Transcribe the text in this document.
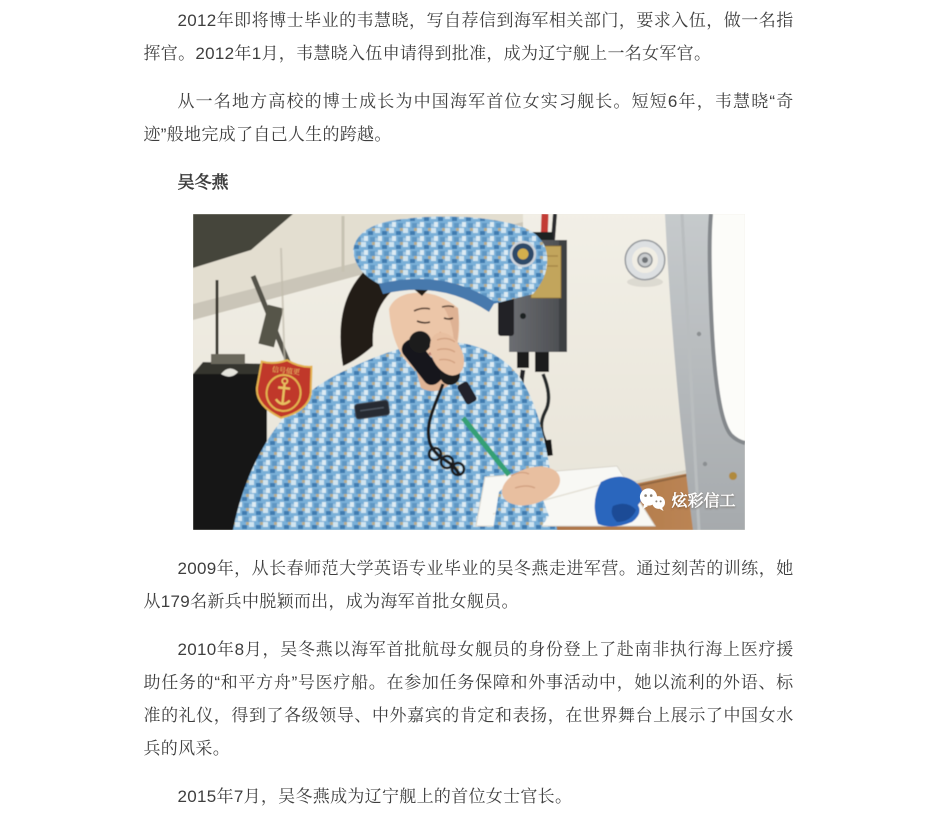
2012年即将博士毕业的韦慧晓，写自荐信到海军相关部门，要求入伍，做一名指挥官。2012年1月，韦慧晓入伍申请得到批准，成为辽宁舰上一名女军官。

从一名地方高校的博士成长为中国海军首位女实习舰长。短短6年，韦慧晓“奇迹”般地完成了自己人生的跨越。

吴冬燕
信号值更
炫彩信工

2009年，从长春师范大学英语专业毕业的吴冬燕走进军营。通过刻苦的训练，她从179名新兵中脱颖而出，成为海军首批女舰员。

2010年8月，吴冬燕以海军首批航母女舰员的身份登上了赴南非执行海上医疗援助任务的“和平方舟”号医疗船。在参加任务保障和外事活动中，她以流利的外语、标准的礼仪，得到了各级领导、中外嘉宾的肯定和表扬，在世界舞台上展示了中国女水兵的风采。

2015年7月，吴冬燕成为辽宁舰上的首位女士官长。
